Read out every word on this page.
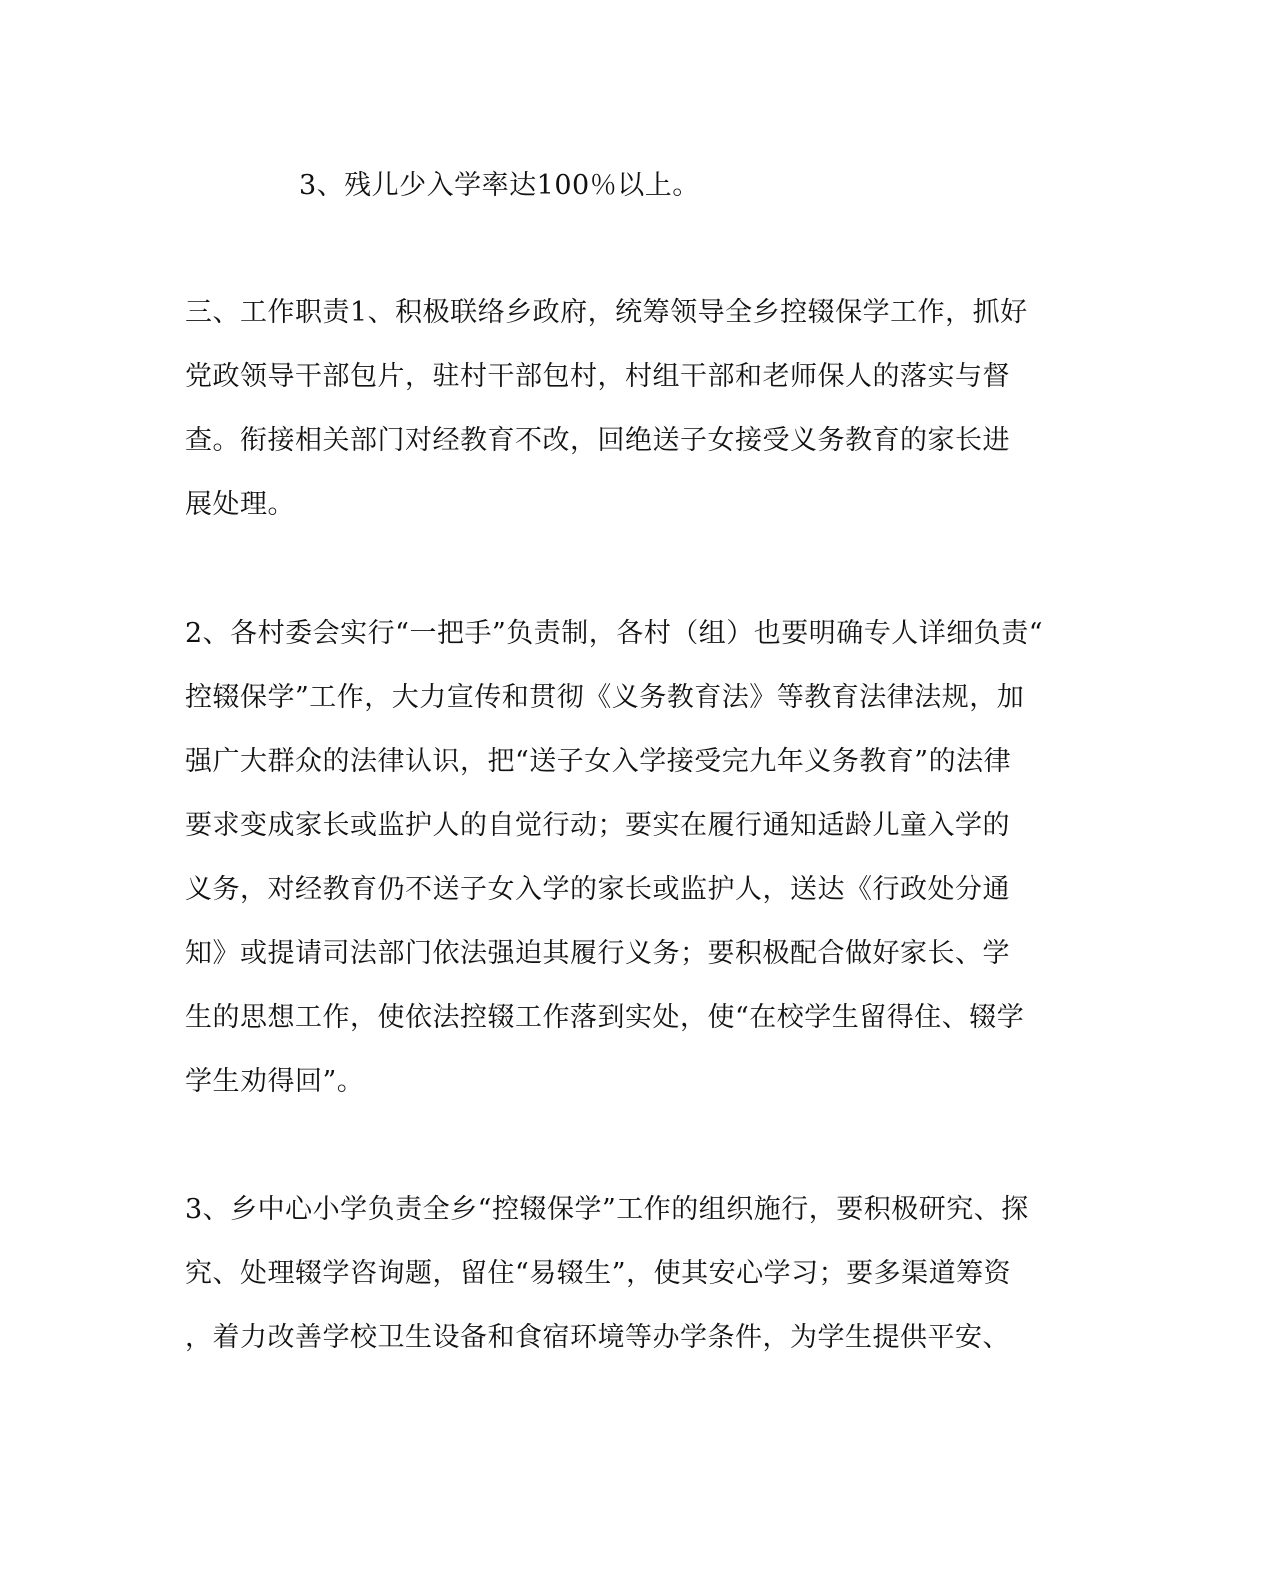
3、残儿少入学率达100％以上。
三、工作职责1、积极联络乡政府，统筹领导全乡控辍保学工作，抓好
党政领导干部包片，驻村干部包村，村组干部和老师保人的落实与督
查。衔接相关部门对经教育不改，回绝送子女接受义务教育的家长进
展处理。
2、各村委会实行“一把手”负责制，各村（组）也要明确专人详细负责“
控辍保学”工作，大力宣传和贯彻《义务教育法》等教育法律法规，加
强广大群众的法律认识，把“送子女入学接受完九年义务教育”的法律
要求变成家长或监护人的自觉行动；要实在履行通知适龄儿童入学的
义务，对经教育仍不送子女入学的家长或监护人，送达《行政处分通
知》或提请司法部门依法强迫其履行义务；要积极配合做好家长、学
生的思想工作，使依法控辍工作落到实处，使“在校学生留得住、辍学
学生劝得回”。
3、乡中心小学负责全乡“控辍保学”工作的组织施行，要积极研究、探
究、处理辍学咨询题，留住“易辍生”，使其安心学习；要多渠道筹资
，着力改善学校卫生设备和食宿环境等办学条件，为学生提供平安、
